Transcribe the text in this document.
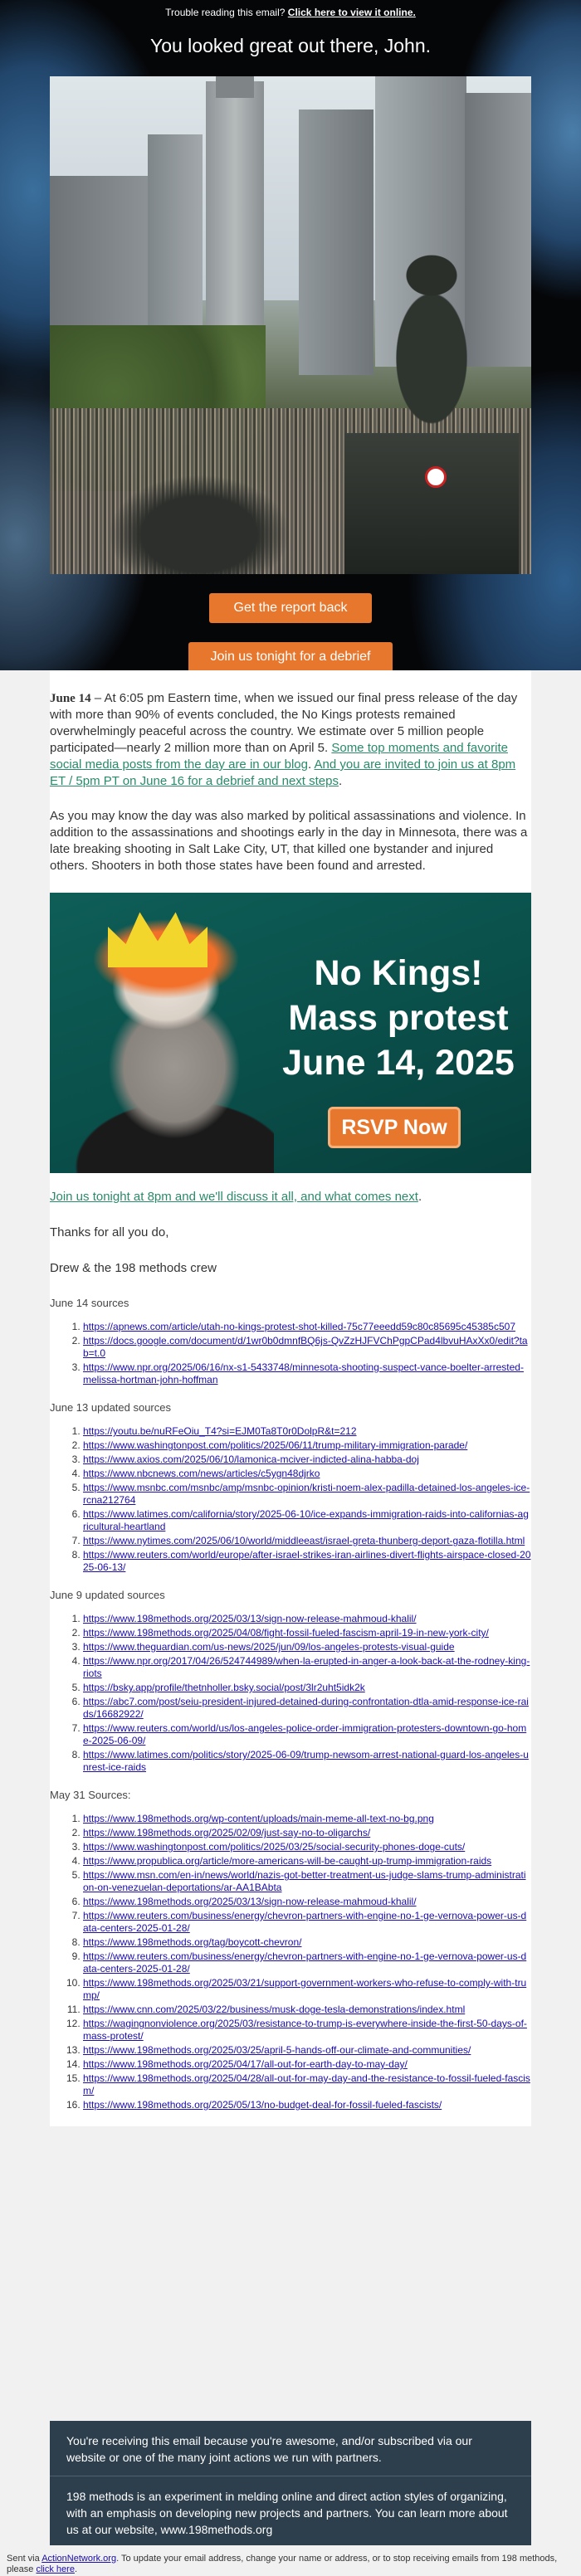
Trouble reading this email? Click here to view it online.
You looked great out there, John.
Get the report back
Join us tonight for a debrief

June 14 – At 6:05 pm Eastern time, when we issued our final press release of the day with more than 90% of events concluded, the No Kings protests remained overwhelmingly peaceful across the country. We estimate over 5 million people participated—nearly 2 million more than on April 5. Some top moments and favorite social media posts from the day are in our blog. And you are invited to join us at 8pm ET / 5pm PT on June 16 for a debrief and next steps.

As you may know the day was also marked by political assassinations and violence. In addition to the assassinations and shootings early in the day in Minnesota, there was a late breaking shooting in Salt Lake City, UT, that killed one bystander and injured others. Shooters in both those states have been found and arrested.

No Kings!
Mass protest
June 14, 2025
RSVP Now

Join us tonight at 8pm and we'll discuss it all, and what comes next.

Thanks for all you do,

Drew & the 198 methods crew

June 14 sources

1. https://apnews.com/article/utah-no-kings-protest-shot-killed-75c77eeedd59c80c85695c45385c507
2. https://docs.google.com/document/d/1wr0b0dmnfBQ6js-QvZzHJFVChPgpCPad4lbvuHAxXx0/edit?tab=t.0
3. https://www.npr.org/2025/06/16/nx-s1-5433748/minnesota-shooting-suspect-vance-boelter-arrested-melissa-hortman-john-hoffman

June 13 updated sources

1. https://youtu.be/nuRFeOiu_T4?si=EJM0Ta8T0r0DolpR&t=212
2. https://www.washingtonpost.com/politics/2025/06/11/trump-military-immigration-parade/
3. https://www.axios.com/2025/06/10/lamonica-mciver-indicted-alina-habba-doj
4. https://www.nbcnews.com/news/articles/c5ygn48djrko
5. https://www.msnbc.com/msnbc/amp/msnbc-opinion/kristi-noem-alex-padilla-detained-los-angeles-ice-rcna212764
6. https://www.latimes.com/california/story/2025-06-10/ice-expands-immigration-raids-into-californias-agricultural-heartland
7. https://www.nytimes.com/2025/06/10/world/middleeast/israel-greta-thunberg-deport-gaza-flotilla.html
8. https://www.reuters.com/world/europe/after-israel-strikes-iran-airlines-divert-flights-airspace-closed-2025-06-13/

June 9 updated sources

1. https://www.198methods.org/2025/03/13/sign-now-release-mahmoud-khalil/
2. https://www.198methods.org/2025/04/08/fight-fossil-fueled-fascism-april-19-in-new-york-city/
3. https://www.theguardian.com/us-news/2025/jun/09/los-angeles-protests-visual-guide
4. https://www.npr.org/2017/04/26/524744989/when-la-erupted-in-anger-a-look-back-at-the-rodney-king-riots
5. https://bsky.app/profile/thetnholler.bsky.social/post/3lr2uht5idk2k
6. https://abc7.com/post/seiu-president-injured-detained-during-confrontation-dtla-amid-response-ice-raids/16682922/
7. https://www.reuters.com/world/us/los-angeles-police-order-immigration-protesters-downtown-go-home-2025-06-09/
8. https://www.latimes.com/politics/story/2025-06-09/trump-newsom-arrest-national-guard-los-angeles-unrest-ice-raids

May 31 Sources:

1. https://www.198methods.org/wp-content/uploads/main-meme-all-text-no-bg.png
2. https://www.198methods.org/2025/02/09/just-say-no-to-oligarchs/
3. https://www.washingtonpost.com/politics/2025/03/25/social-security-phones-doge-cuts/
4. https://www.propublica.org/article/more-americans-will-be-caught-up-trump-immigration-raids
5. https://www.msn.com/en-in/news/world/nazis-got-better-treatment-us-judge-slams-trump-administration-on-venezuelan-deportations/ar-AA1BAbta
6. https://www.198methods.org/2025/03/13/sign-now-release-mahmoud-khalil/
7. https://www.reuters.com/business/energy/chevron-partners-with-engine-no-1-ge-vernova-power-us-data-centers-2025-01-28/
8. https://www.198methods.org/tag/boycott-chevron/
9. https://www.reuters.com/business/energy/chevron-partners-with-engine-no-1-ge-vernova-power-us-data-centers-2025-01-28/
10. https://www.198methods.org/2025/03/21/support-government-workers-who-refuse-to-comply-with-trump/
11. https://www.cnn.com/2025/03/22/business/musk-doge-tesla-demonstrations/index.html
12. https://wagingnonviolence.org/2025/03/resistance-to-trump-is-everywhere-inside-the-first-50-days-of-mass-protest/
13. https://www.198methods.org/2025/03/25/april-5-hands-off-our-climate-and-communities/
14. https://www.198methods.org/2025/04/17/all-out-for-earth-day-to-may-day/
15. https://www.198methods.org/2025/04/28/all-out-for-may-day-and-the-resistance-to-fossil-fueled-fascism/
16. https://www.198methods.org/2025/05/13/no-budget-deal-for-fossil-fueled-fascists/

You're receiving this email because you're awesome, and/or subscribed via our website or one of the many joint actions we run with partners.

198 methods is an experiment in melding online and direct action styles of organizing, with an emphasis on developing new projects and partners. You can learn more about us at our website, www.198methods.org

Sent via ActionNetwork.org. To update your email address, change your name or address, or to stop receiving emails from 198 methods, please click here.
